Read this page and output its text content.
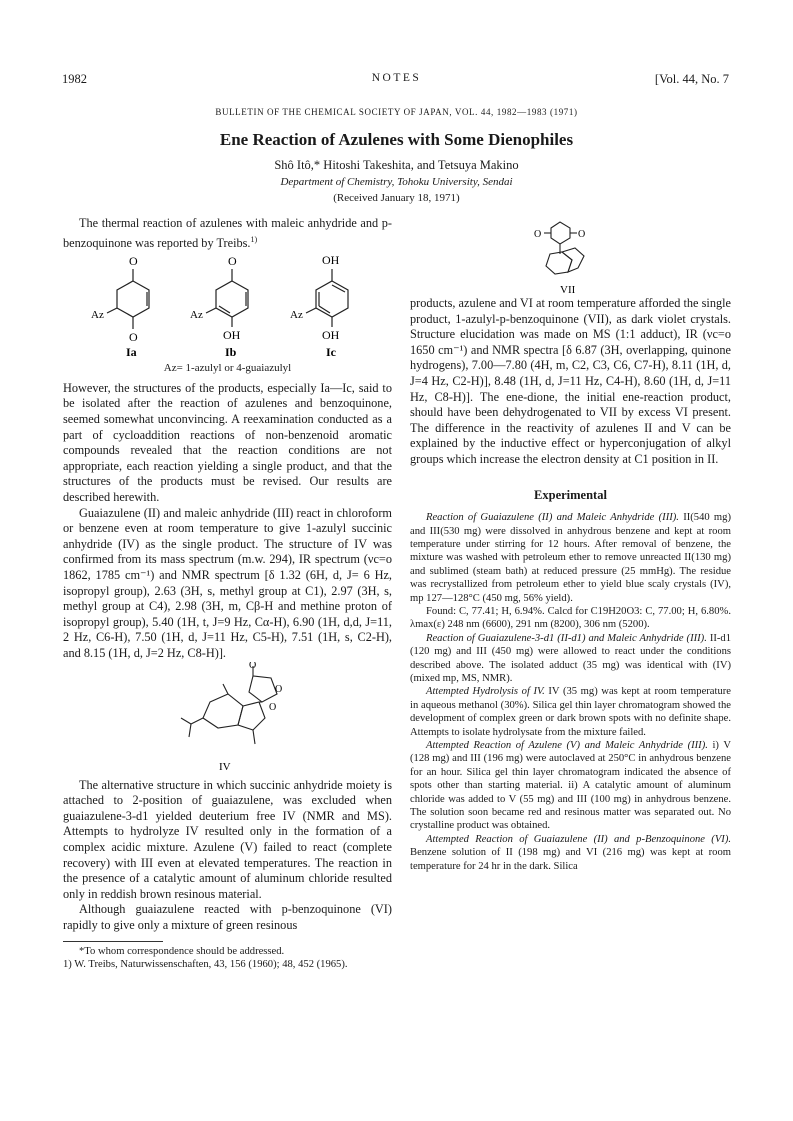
1982	NOTES	[Vol. 44, No. 7
BULLETIN OF THE CHEMICAL SOCIETY OF JAPAN, VOL. 44, 1982—1983 (1971)
Ene Reaction of Azulenes with Some Dienophiles
Shô Itô,* Hitoshi Takeshita, and Tetsuya Makino
Department of Chemistry, Tohoku University, Sendai
(Received January 18, 1971)

The thermal reaction of azulenes with maleic anhydride and p-benzoquinone was reported by Treibs.$^{1)}$

O
O
Az
Ia
O
OH
Az
Ib
OH
OH
Az
Ic
Az= 1-azulyl or 4-guaiazulyl

However, the structures of the products, especially Ia—Ic, said to be isolated after the reaction of azulenes and benzoquinone, seemed somewhat unconvincing. A reexamination conducted as a part of cycloaddition reactions of non-benzenoid aromatic compounds revealed that the reaction conditions are not appropriate, each reaction yielding a single product, and that the structures of the products must be revised. Our results are described herewith.

Guaiazulene (II) and maleic anhydride (III) react in chloroform or benzene even at room temperature to give 1-azulyl succinic anhydride (IV) as the single product. The structure of IV was confirmed from its mass spectrum (m.w. 294), IR spectrum (νc=o 1862, 1785 cm⁻¹) and NMR spectrum [δ 1.32 (6H, d, J= 6 Hz, isopropyl group), 2.63 (3H, s, methyl group at C1), 2.97 (3H, s, methyl group at C4), 2.98 (3H, m, Cβ-H and methine proton of isopropyl group), 5.40 (1H, t, J=9 Hz, Cα-H), 6.90 (1H, d,d, J=11, 2 Hz, C6-H), 7.50 (1H, d, J=11 Hz, C5-H), 7.51 (1H, s, C2-H), and 8.15 (1H, d, J=2 Hz, C8-H)].

O
O
O
IV

The alternative structure in which succinic anhydride moiety is attached to 2-position of guaiazulene, was excluded when guaiazulene-3-d1 yielded deuterium free IV (NMR and MS). Attempts to hydrolyze IV resulted only in the formation of a complex acidic mixture. Azulene (V) failed to react (complete recovery) with III even at elevated temperatures. The reaction in the presence of a catalytic amount of aluminum chloride resulted only in reddish brown resinous material.

Although guaiazulene reacted with p-benzoquinone (VI) rapidly to give only a mixture of green resinous

*To whom correspondence should be addressed.

1) W. Treibs, Naturwissenschaften, 43, 156 (1960); 48, 452 (1965).

O	O
VII

products, azulene and VI at room temperature afforded the single product, 1-azulyl-p-benzoquinone (VII), as dark violet crystals. Structure elucidation was made on MS (1:1 adduct), IR (νc=o 1650 cm⁻¹) and NMR spectra [δ 6.87 (3H, overlapping, quinone hydrogens), 7.00—7.80 (4H, m, C2, C3, C6, C7-H), 8.11 (1H, d, J=4 Hz, C2-H)], 8.48 (1H, d, J=11 Hz, C4-H), 8.60 (1H, d, J=11 Hz, C8-H)]. The ene-dione, the initial ene-reaction product, should have been dehydrogenated to VII by excess VI present. The difference in the reactivity of azulenes II and V can be explained by the inductive effect or hyperconjugation of alkyl groups which increase the electron density at C1 position in II.

Experimental

Reaction of Guaiazulene (II) and Maleic Anhydride (III). II(540 mg) and III(530 mg) were dissolved in anhydrous benzene and kept at room temperature under stirring for 12 hours. After removal of benzene, the mixture was washed with petroleum ether to remove unreacted II(130 mg) and sublimed (steam bath) at reduced pressure (25 mmHg). The residue was recrystallized from petroleum ether to yield blue scaly crystals (IV), mp 127—128°C (450 mg, 56% yield).

Found: C, 77.41; H, 6.94%. Calcd for C19H20O3: C, 77.00; H, 6.80%. λmax(ε) 248 nm (6600), 291 nm (8200), 306 nm (5200).

Reaction of Guaiazulene-3-d1 (II-d1) and Maleic Anhydride (III). II-d1 (120 mg) and III (450 mg) were allowed to react under the conditions described above. The isolated adduct (35 mg) was identical with (IV) (mixed mp, MS, NMR).

Attempted Hydrolysis of IV. IV (35 mg) was kept at room temperature in aqueous methanol (30%). Silica gel thin layer chromatogram showed the development of complex green or dark brown spots with no definite shape. Attempts to isolate hydrolysate from the mixture failed.

Attempted Reaction of Azulene (V) and Maleic Anhydride (III). i) V (128 mg) and III (196 mg) were autoclaved at 250°C in anhydrous benzene for an hour. Silica gel thin layer chromatogram indicated the absence of spots other than starting material. ii) A catalytic amount of aluminum chloride was added to V (55 mg) and III (100 mg) in anhydrous benzene. The solution soon became red and resinous matter was separated out. No crystalline product was obtained.

Attempted Reaction of Guaiazulene (II) and p-Benzoquinone (VI). Benzene solution of II (198 mg) and VI (216 mg) was kept at room temperature for 24 hr in the dark. Silica
